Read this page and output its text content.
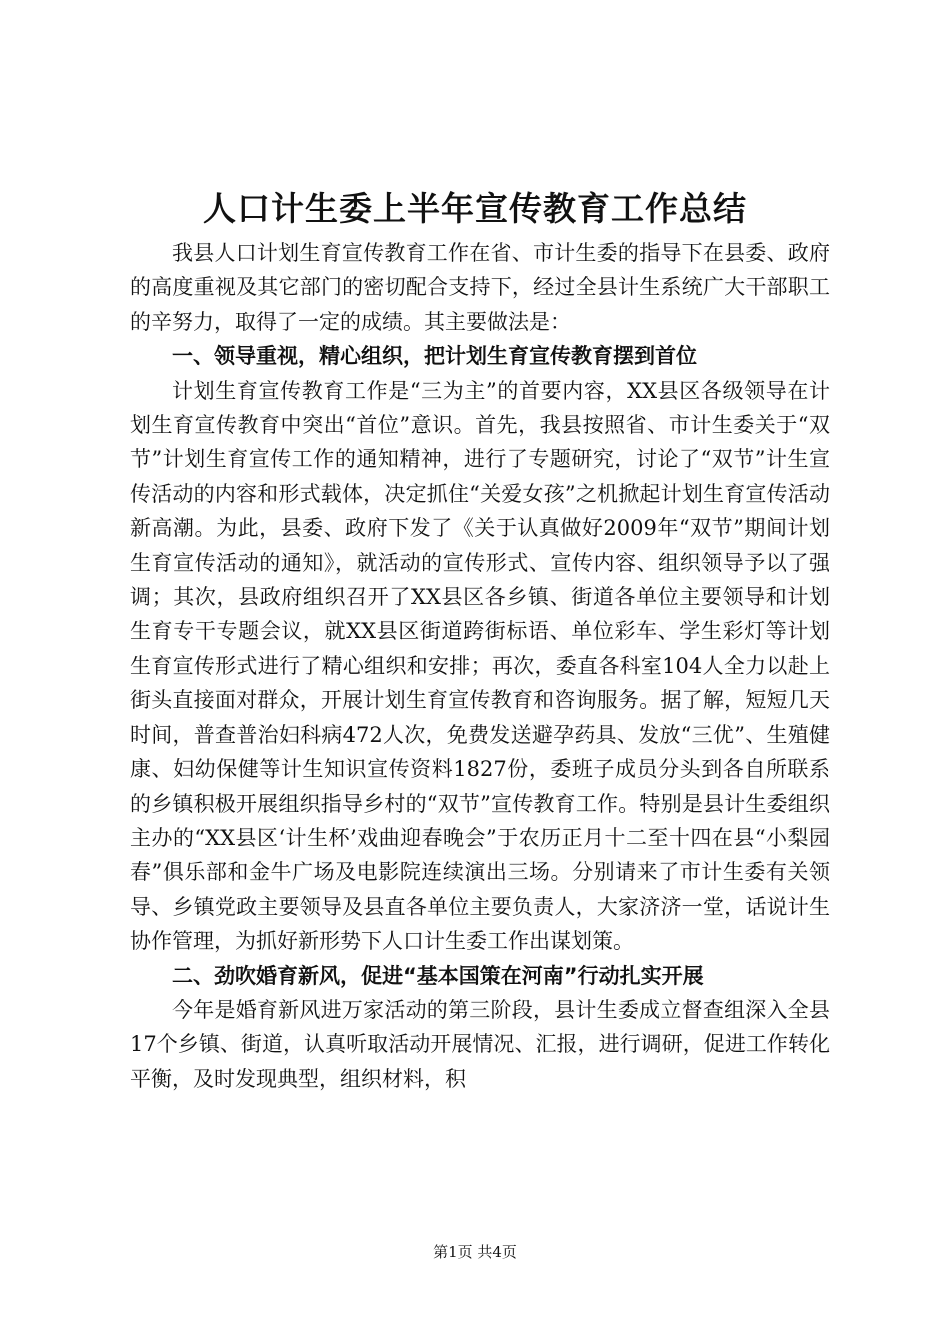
人口计生委上半年宣传教育工作总结

我县人口计划生育宣传教育工作在省、市计生委的指导下在县委、政府的高度重视及其它部门的密切配合支持下，经过全县计生系统广大干部职工的辛努力，取得了一定的成绩。其主要做法是：

一、领导重视，精心组织，把计划生育宣传教育摆到首位

计划生育宣传教育工作是“三为主”的首要内容，XX县区各级领导在计划生育宣传教育中突出“首位”意识。首先，我县按照省、市计生委关于“双节”计划生育宣传工作的通知精神，进行了专题研究，讨论了“双节”计生宣传活动的内容和形式载体，决定抓住“关爱女孩”之机掀起计划生育宣传活动新高潮。为此，县委、政府下发了《关于认真做好2009年“双节”期间计划生育宣传活动的通知》，就活动的宣传形式、宣传内容、组织领导予以了强调；其次，县政府组织召开了XX县区各乡镇、街道各单位主要领导和计划生育专干专题会议，就XX县区街道跨街标语、单位彩车、学生彩灯等计划生育宣传形式进行了精心组织和安排；再次，委直各科室104人全力以赴上街头直接面对群众，开展计划生育宣传教育和咨询服务。据了解，短短几天时间，普查普治妇科病472人次，免费发送避孕药具、发放“三优”、生殖健康、妇幼保健等计生知识宣传资料1827份，委班子成员分头到各自所联系的乡镇积极开展组织指导乡村的“双节”宣传教育工作。特别是县计生委组织主办的“XX县区‘计生杯’戏曲迎春晚会”于农历正月十二至十四在县“小梨园春”俱乐部和金牛广场及电影院连续演出三场。分别请来了市计生委有关领导、乡镇党政主要领导及县直各单位主要负责人，大家济济一堂，话说计生协作管理，为抓好新形势下人口计生委工作出谋划策。

二、劲吹婚育新风，促进“基本国策在河南”行动扎实开展

今年是婚育新风进万家活动的第三阶段，县计生委成立督查组深入全县17个乡镇、街道，认真听取活动开展情况、汇报，进行调研，促进工作转化平衡，及时发现典型，组织材料，积

第1页 共4页
